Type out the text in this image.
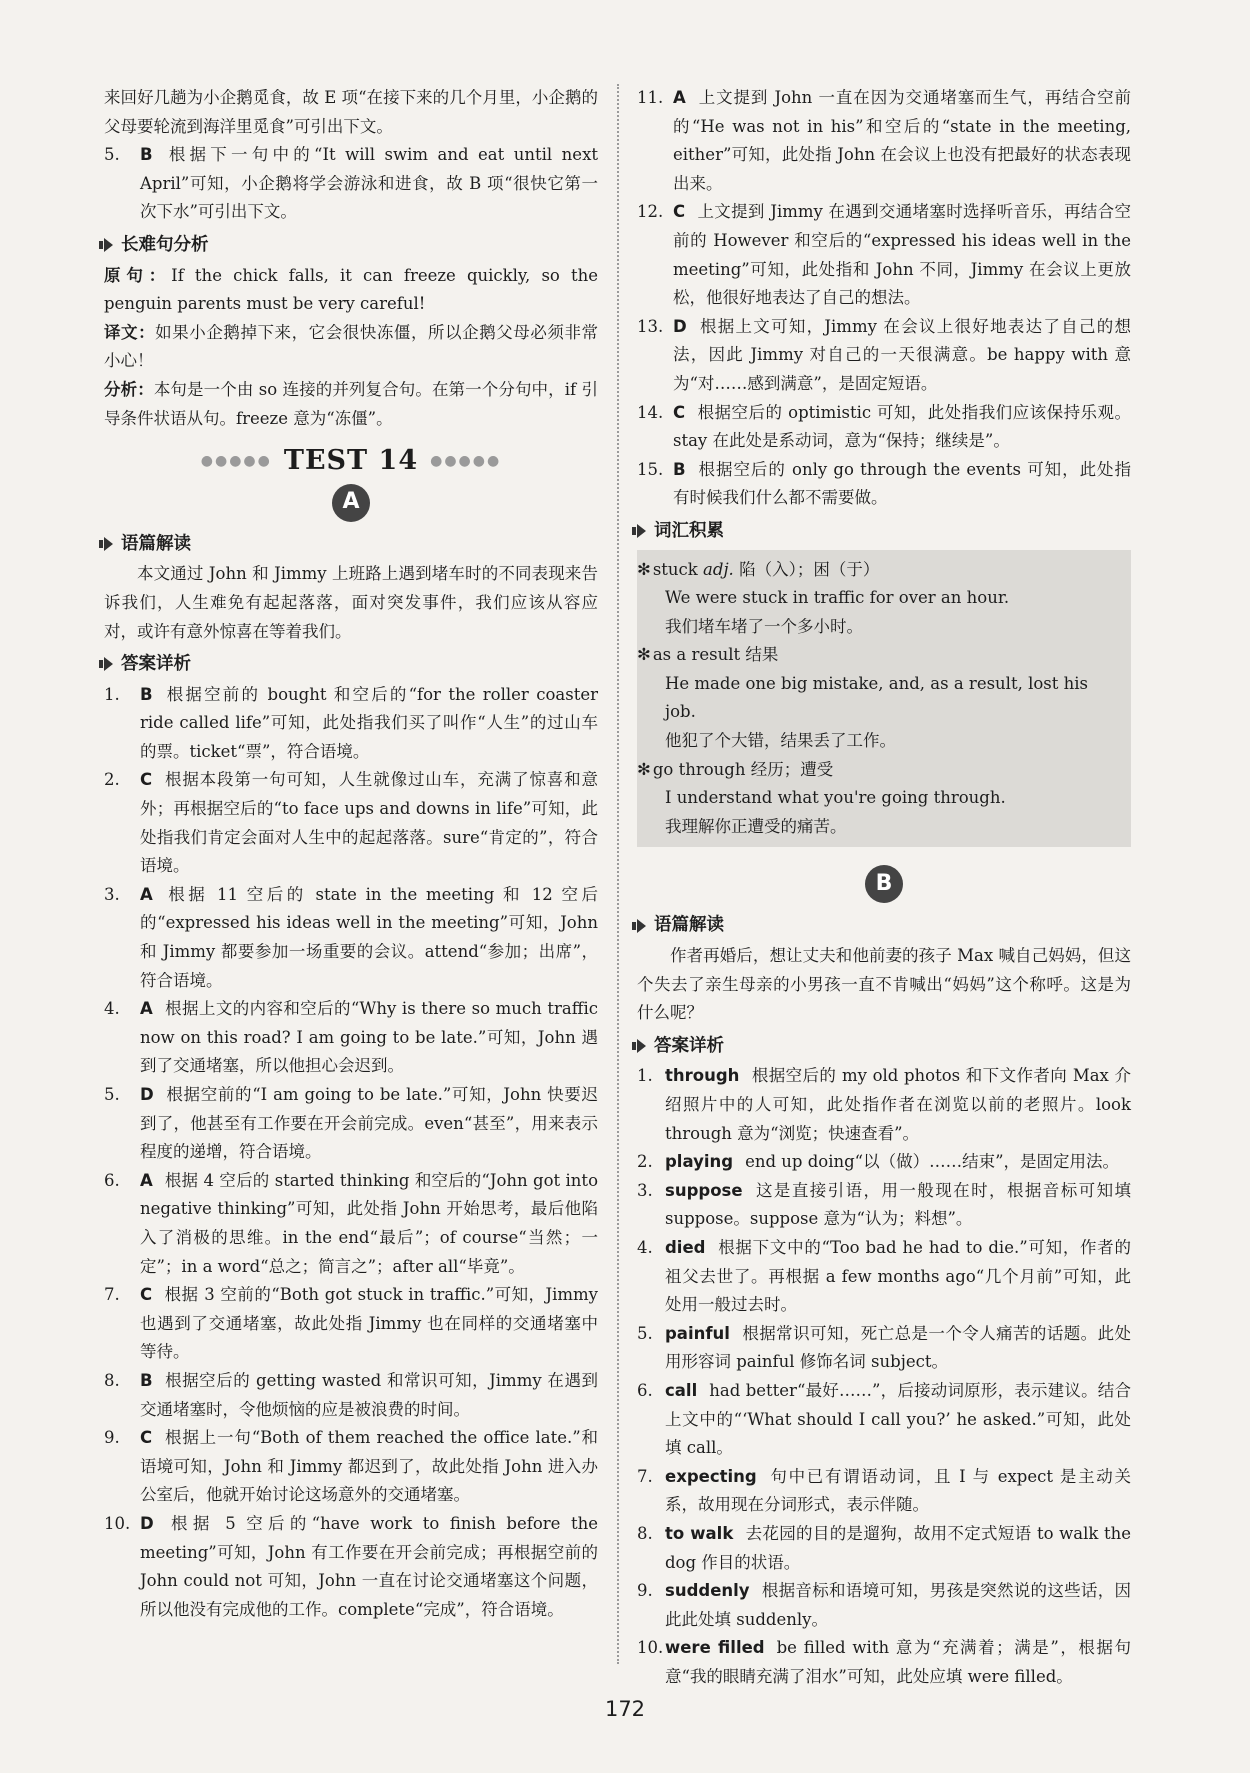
来回好几趟为小企鹅觅食，故 E 项“在接下来的几个月里，小企鹅的父母要轮流到海洋里觅食”可引出下文。

5. B 根据下一句中的“It will swim and eat until next April”可知，小企鹅将学会游泳和进食，故 B 项“很快它第一次下水”可引出下文。

长难句分析

原句：If the chick falls, it can freeze quickly, so the penguin parents must be very careful!

译文：如果小企鹅掉下来，它会很快冻僵，所以企鹅父母必须非常小心！

分析：本句是一个由 so 连接的并列复合句。在第一个分句中，if 引导条件状语从句。freeze 意为“冻僵”。

●●●●● TEST 14 ●●●●●
A
语篇解读

本文通过 John 和 Jimmy 上班路上遇到堵车时的不同表现来告诉我们，人生难免有起起落落，面对突发事件，我们应该从容应对，或许有意外惊喜在等着我们。

答案详析

1. B 根据空前的 bought 和空后的“for the roller coaster ride called life”可知，此处指我们买了叫作“人生”的过山车的票。ticket“票”，符合语境。

2. C 根据本段第一句可知，人生就像过山车，充满了惊喜和意外；再根据空后的“to face ups and downs in life”可知，此处指我们肯定会面对人生中的起起落落。sure“肯定的”，符合语境。

3. A 根据 11 空后的 state in the meeting 和 12 空后的“expressed his ideas well in the meeting”可知，John 和 Jimmy 都要参加一场重要的会议。attend“参加；出席”，符合语境。

4. A 根据上文的内容和空后的“Why is there so much traffic now on this road? I am going to be late.”可知，John 遇到了交通堵塞，所以他担心会迟到。

5. D 根据空前的“I am going to be late.”可知，John 快要迟到了，他甚至有工作要在开会前完成。even“甚至”，用来表示程度的递增，符合语境。

6. A 根据 4 空后的 started thinking 和空后的“John got into negative thinking”可知，此处指 John 开始思考，最后他陷入了消极的思维。in the end“最后”；of course“当然；一定”；in a word“总之；简言之”；after all“毕竟”。

7. C 根据 3 空前的“Both got stuck in traffic.”可知，Jimmy 也遇到了交通堵塞，故此处指 Jimmy 也在同样的交通堵塞中等待。

8. B 根据空后的 getting wasted 和常识可知，Jimmy 在遇到交通堵塞时，令他烦恼的应是被浪费的时间。

9. C 根据上一句“Both of them reached the office late.”和语境可知，John 和 Jimmy 都迟到了，故此处指 John 进入办公室后，他就开始讨论这场意外的交通堵塞。

10. D 根据 5 空后的“have work to finish before the meeting”可知，John 有工作要在开会前完成；再根据空前的 John could not 可知，John 一直在讨论交通堵塞这个问题，所以他没有完成他的工作。complete“完成”，符合语境。

11. A 上文提到 John 一直在因为交通堵塞而生气，再结合空前的“He was not in his”和空后的“state in the meeting, either”可知，此处指 John 在会议上也没有把最好的状态表现出来。

12. C 上文提到 Jimmy 在遇到交通堵塞时选择听音乐，再结合空前的 However 和空后的“expressed his ideas well in the meeting”可知，此处指和 John 不同，Jimmy 在会议上更放松，他很好地表达了自己的想法。

13. D 根据上文可知，Jimmy 在会议上很好地表达了自己的想法，因此 Jimmy 对自己的一天很满意。be happy with 意为“对……感到满意”，是固定短语。

14. C 根据空后的 optimistic 可知，此处指我们应该保持乐观。stay 在此处是系动词，意为“保持；继续是”。

15. B 根据空后的 only go through the events 可知，此处指有时候我们什么都不需要做。

词汇积累

✻ stuck adj. 陷（入）；困（于）

We were stuck in traffic for over an hour.

我们堵车堵了一个多小时。

✻ as a result 结果

He made one big mistake, and, as a result, lost his job.

他犯了个大错，结果丢了工作。

✻ go through 经历；遭受

I understand what you're going through.

我理解你正遭受的痛苦。

B
语篇解读

作者再婚后，想让丈夫和他前妻的孩子 Max 喊自己妈妈，但这个失去了亲生母亲的小男孩一直不肯喊出“妈妈”这个称呼。这是为什么呢？

答案详析

1. through 根据空后的 my old photos 和下文作者向 Max 介绍照片中的人可知，此处指作者在浏览以前的老照片。look through 意为“浏览；快速查看”。

2. playing end up doing“以（做）……结束”，是固定用法。

3. suppose 这是直接引语，用一般现在时，根据音标可知填 suppose。suppose 意为“认为；料想”。

4. died 根据下文中的“Too bad he had to die.”可知，作者的祖父去世了。再根据 a few months ago“几个月前”可知，此处用一般过去时。

5. painful 根据常识可知，死亡总是一个令人痛苦的话题。此处用形容词 painful 修饰名词 subject。

6. call had better“最好……”，后接动词原形，表示建议。结合上文中的“‘What should I call you?’ he asked.”可知，此处填 call。

7. expecting 句中已有谓语动词，且 I 与 expect 是主动关系，故用现在分词形式，表示伴随。

8. to walk 去花园的目的是遛狗，故用不定式短语 to walk the dog 作目的状语。

9. suddenly 根据音标和语境可知，男孩是突然说的这些话，因此此处填 suddenly。

10. were filled be filled with 意为“充满着；满是”，根据句意“我的眼睛充满了泪水”可知，此处应填 were filled。

172
